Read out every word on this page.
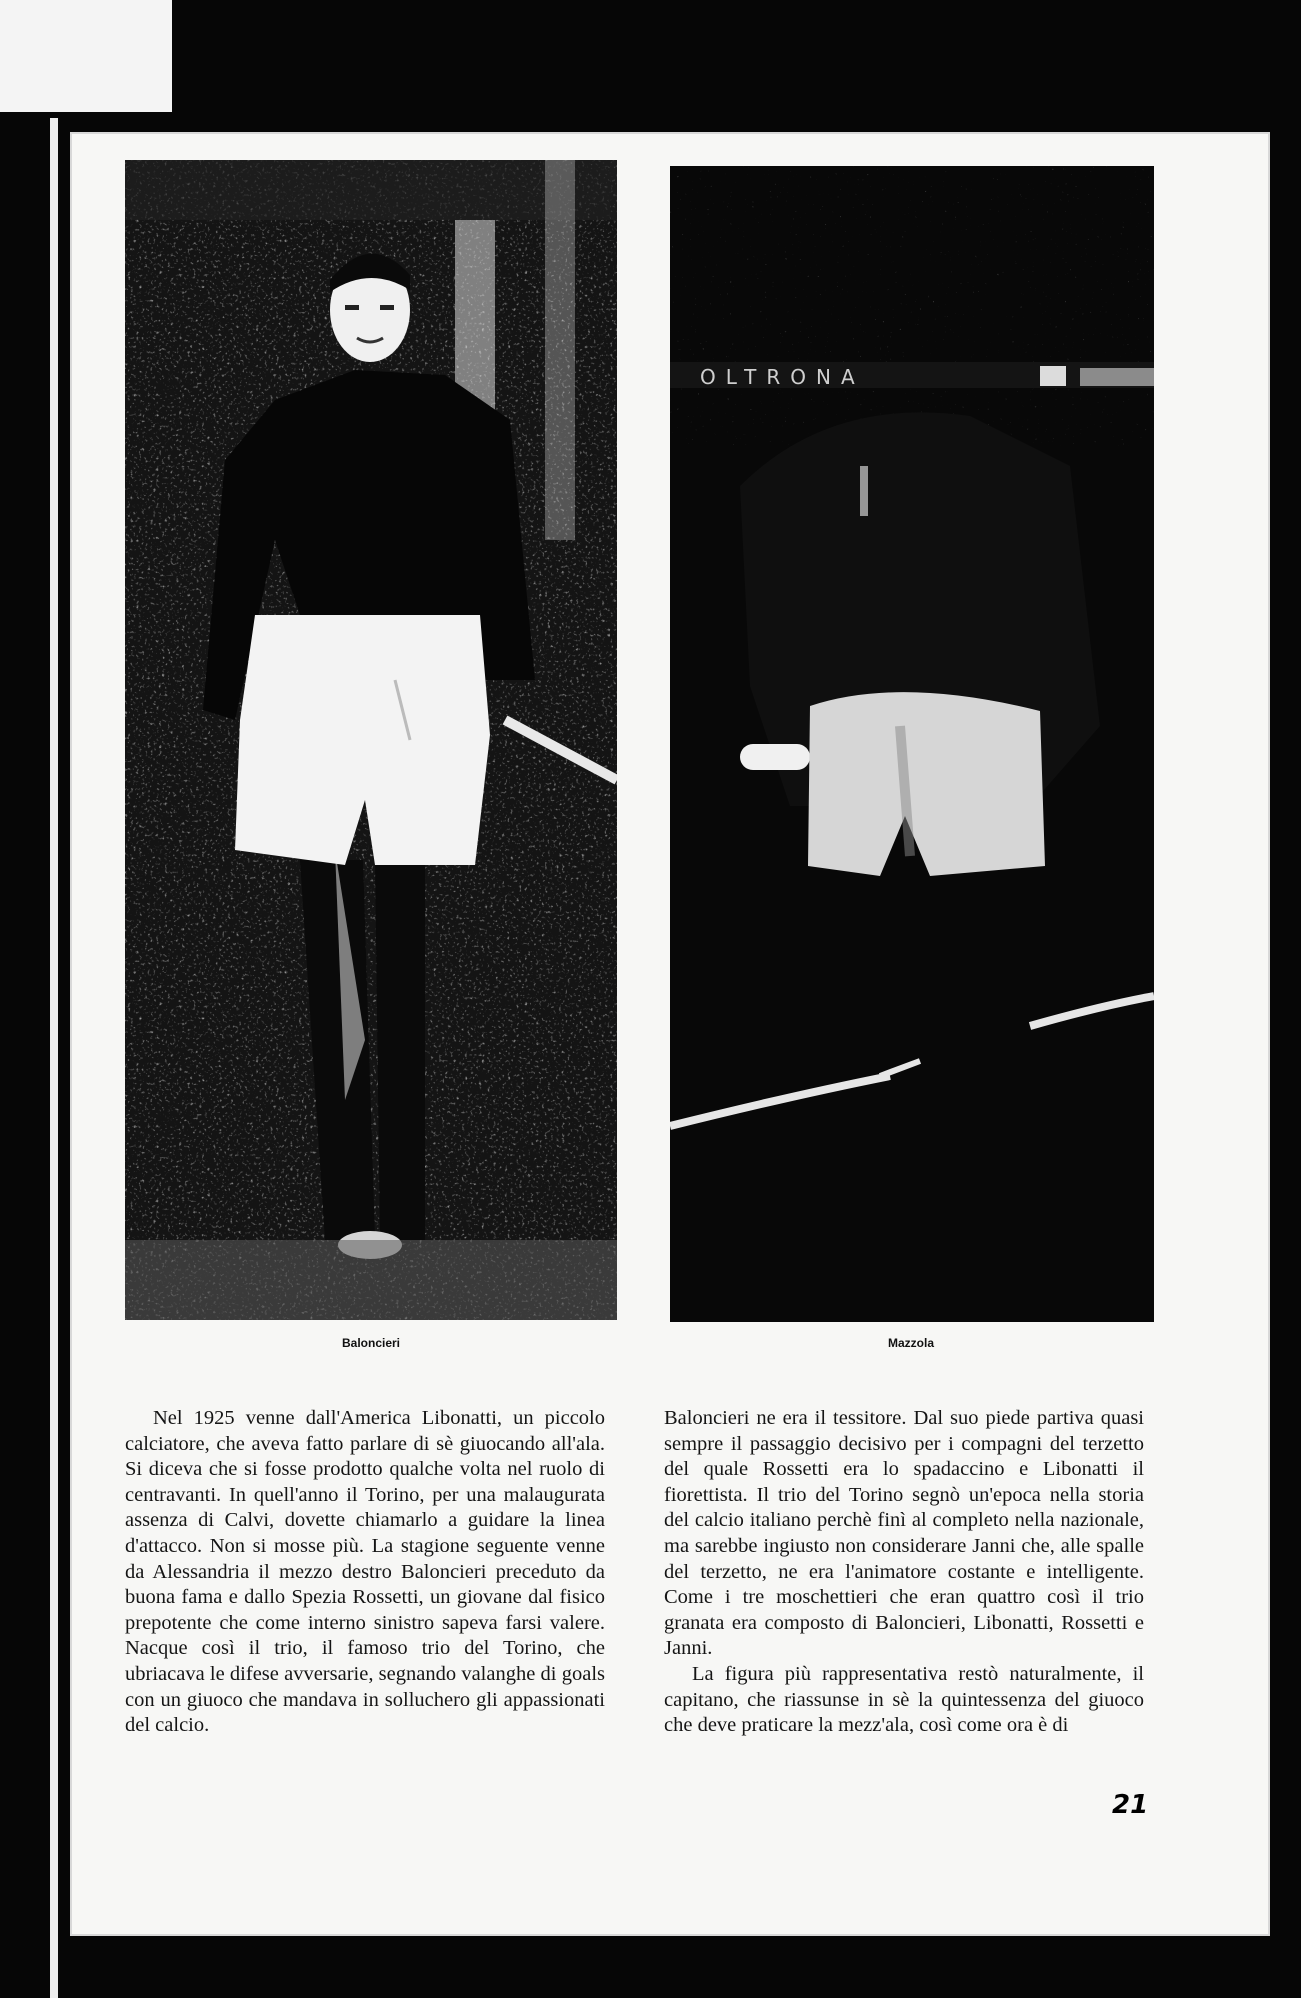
OLTRONA
Baloncieri	Mazzola

Nel 1925 venne dall'America Libonatti, un piccolo calciatore, che aveva fatto parlare di sè giuocando all'ala. Si diceva che si fosse prodotto qualche volta nel ruolo di centravanti. In quell'anno il Torino, per una malaugurata assenza di Calvi, dovette chiamarlo a guidare la linea d'attacco. Non si mosse più. La stagione seguente venne da Alessandria il mezzo destro Baloncieri preceduto da buona fama e dallo Spezia Rossetti, un giovane dal fisico prepotente che come interno sinistro sapeva farsi valere. Nacque così il trio, il famoso trio del Torino, che ubriacava le difese avversarie, segnando valanghe di goals con un giuoco che mandava in solluchero gli appassionati del calcio.

Baloncieri ne era il tessitore. Dal suo piede partiva quasi sempre il passaggio decisivo per i compagni del terzetto del quale Rossetti era lo spadaccino e Libonatti il fiorettista. Il trio del Torino segnò un'epoca nella storia del calcio italiano perchè finì al completo nella nazionale, ma sarebbe ingiusto non considerare Janni che, alle spalle del terzetto, ne era l'animatore costante e intelligente. Come i tre moschettieri che eran quattro così il trio granata era composto di Baloncieri, Libonatti, Rossetti e Janni.

La figura più rappresentativa restò naturalmente, il capitano, che riassunse in sè la quintessenza del giuoco che deve praticare la mezz'ala, così come ora è di

21
